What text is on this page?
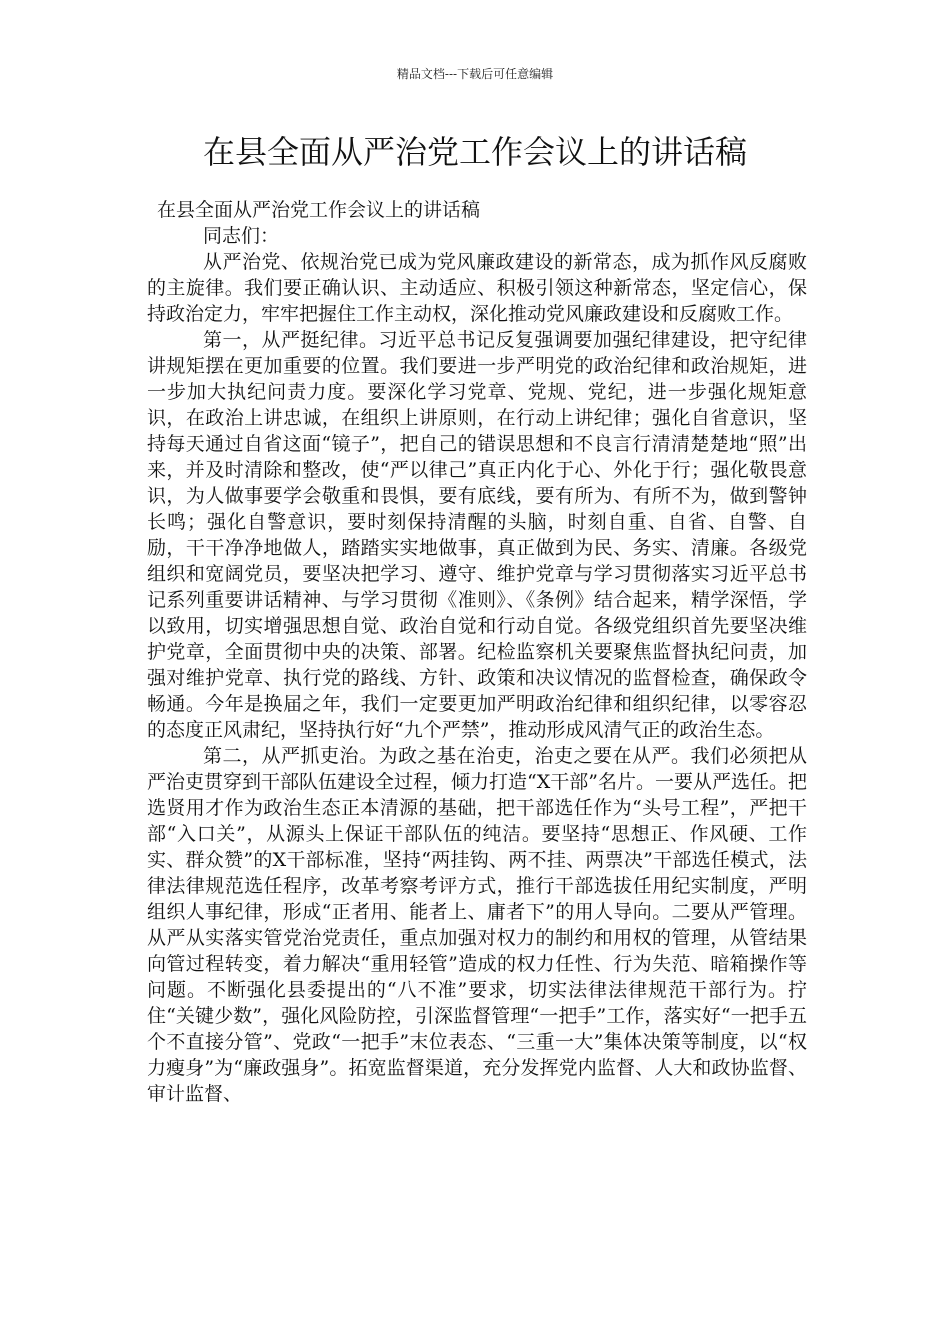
精品文档---下载后可任意编辑
在县全面从严治党工作会议上的讲话稿

在县全面从严治党工作会议上的讲话稿

同志们：

从严治党、依规治党已成为党风廉政建设的新常态，成为抓作风反腐败的主旋律。我们要正确认识、主动适应、积极引领这种新常态，坚定信心，保持政治定力，牢牢把握住工作主动权，深化推动党风廉政建设和反腐败工作。

第一，从严挺纪律。习近平总书记反复强调要加强纪律建设，把守纪律讲规矩摆在更加重要的位置。我们要进一步严明党的政治纪律和政治规矩，进一步加大执纪问责力度。要深化学习党章、党规、党纪，进一步强化规矩意识，在政治上讲忠诚，在组织上讲原则，在行动上讲纪律；强化自省意识，坚持每天通过自省这面“镜子”，把自己的错误思想和不良言行清清楚楚地“照”出来，并及时清除和整改，使“严以律己”真正内化于心、外化于行；强化敬畏意识，为人做事要学会敬重和畏惧，要有底线，要有所为、有所不为，做到警钟长鸣；强化自警意识，要时刻保持清醒的头脑，时刻自重、自省、自警、自励，干干净净地做人，踏踏实实地做事，真正做到为民、务实、清廉。各级党组织和宽阔党员，要坚决把学习、遵守、维护党章与学习贯彻落实习近平总书记系列重要讲话精神、与学习贯彻《准则》、《条例》结合起来，精学深悟，学以致用，切实增强思想自觉、政治自觉和行动自觉。各级党组织首先要坚决维护党章，全面贯彻中央的决策、部署。纪检监察机关要聚焦监督执纪问责，加强对维护党章、执行党的路线、方针、政策和决议情况的监督检查，确保政令畅通。今年是换届之年，我们一定要更加严明政治纪律和组织纪律，以零容忍的态度正风肃纪，坚持执行好“九个严禁”，推动形成风清气正的政治生态。

第二，从严抓吏治。为政之基在治吏，治吏之要在从严。我们必须把从严治吏贯穿到干部队伍建设全过程，倾力打造“X干部”名片。一要从严选任。把选贤用才作为政治生态正本清源的基础，把干部选任作为“头号工程”，严把干部“入口关”，从源头上保证干部队伍的纯洁。要坚持“思想正、作风硬、工作实、群众赞”的X干部标准，坚持“两挂钩、两不挂、两票决”干部选任模式，法律法律规范选任程序，改革考察考评方式，推行干部选拔任用纪实制度，严明组织人事纪律，形成“正者用、能者上、庸者下”的用人导向。二要从严管理。从严从实落实管党治党责任，重点加强对权力的制约和用权的管理，从管结果向管过程转变，着力解决“重用轻管”造成的权力任性、行为失范、暗箱操作等问题。不断强化县委提出的“八不准”要求，切实法律法律规范干部行为。拧住“关键少数”，强化风险防控，引深监督管理“一把手”工作，落实好“一把手五个不直接分管”、党政“一把手”末位表态、“三重一大”集体决策等制度，以“权力瘦身”为“廉政强身”。拓宽监督渠道，充分发挥党内监督、人大和政协监督、审计监督、
